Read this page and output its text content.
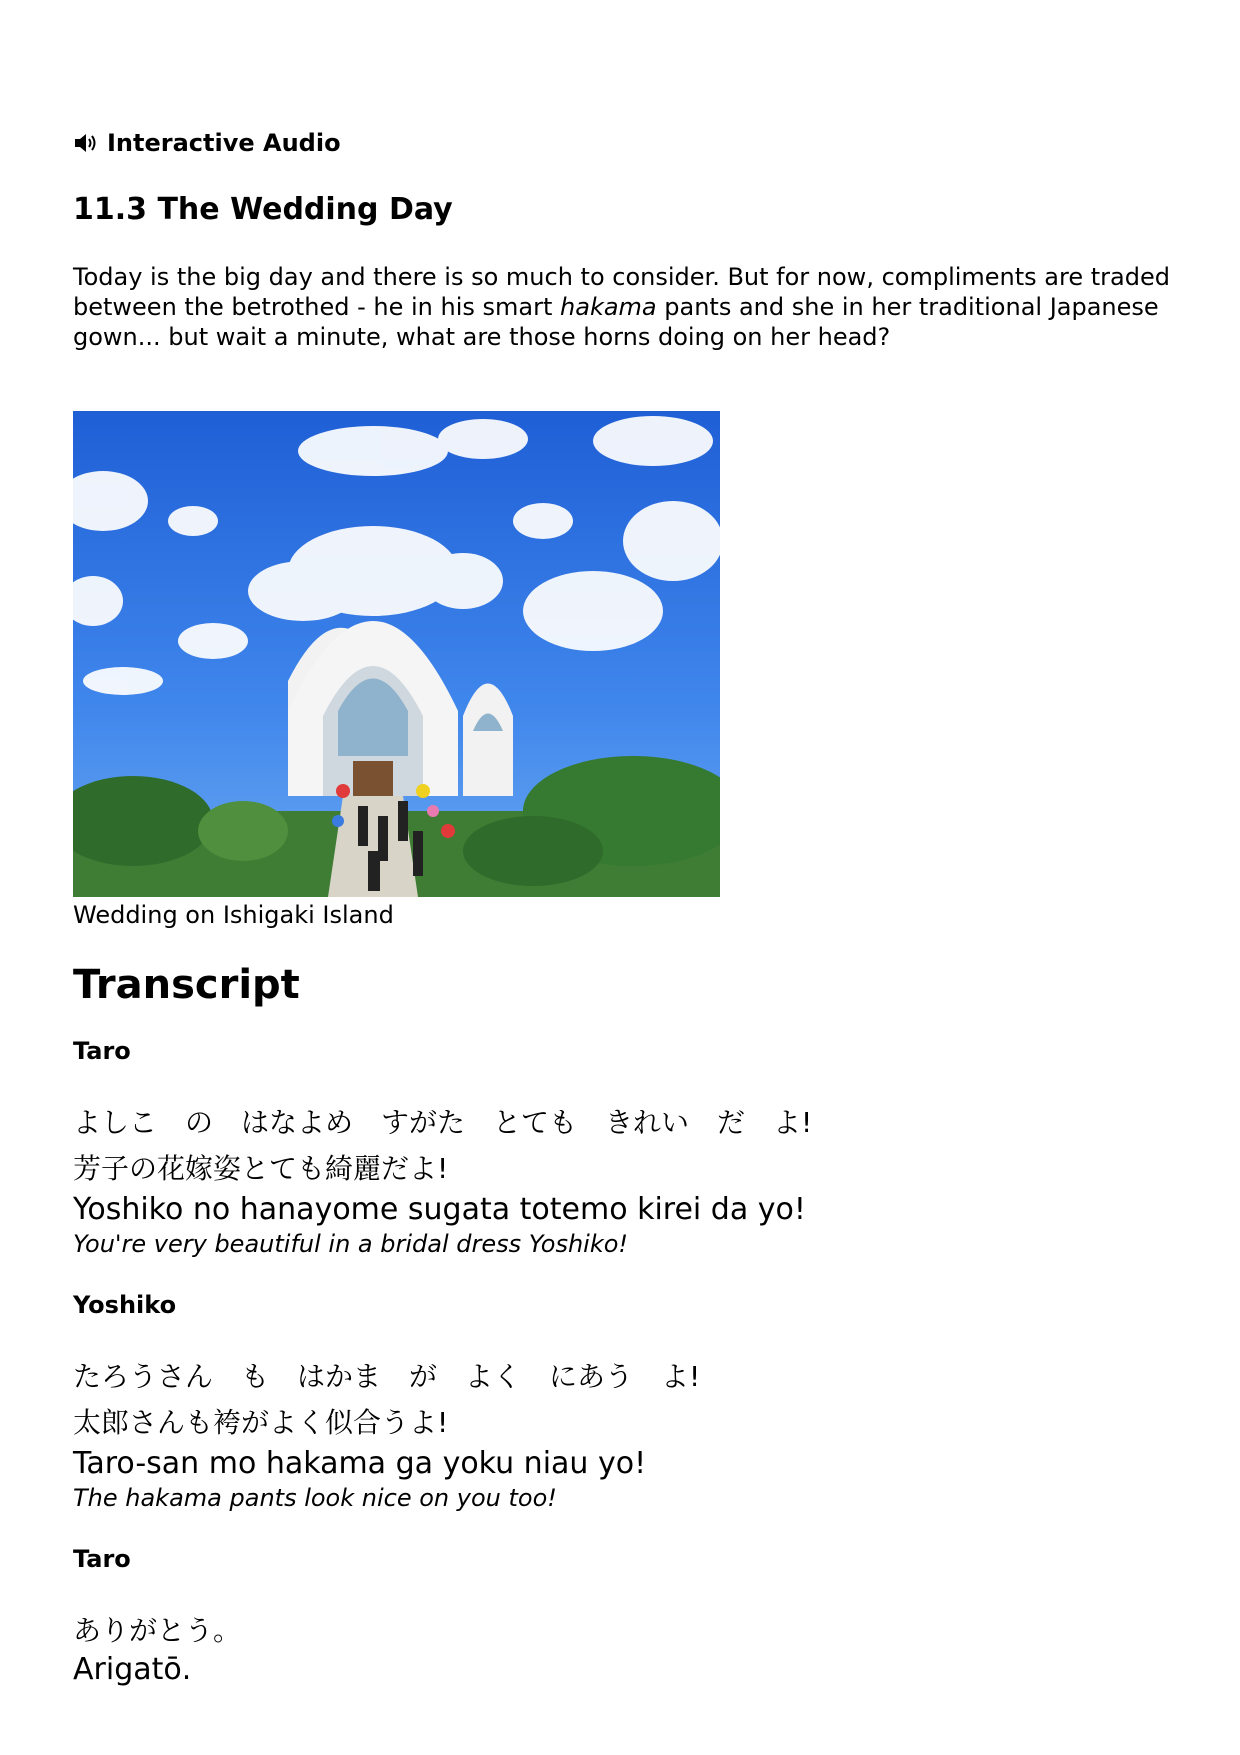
Interactive Audio
11.3 The Wedding Day

Today is the big day and there is so much to consider. But for now, compliments are traded between the betrothed - he in his smart hakama pants and she in her traditional Japanese gown... but wait a minute, what are those horns doing on her head?

Wedding on Ishigaki Island
Transcript
Taro
よしこ　の　はなよめ　すがた　とても　きれい　だ　よ!
芳子の花嫁姿とても綺麗だよ!
Yoshiko no hanayome sugata totemo kirei da yo!
You're very beautiful in a bridal dress Yoshiko!
Yoshiko
たろうさん　も　はかま　が　よく　にあう　よ!
太郎さんも袴がよく似合うよ!
Taro-san mo hakama ga yoku niau yo!
The hakama pants look nice on you too!
Taro
ありがとう。
Arigatō.
